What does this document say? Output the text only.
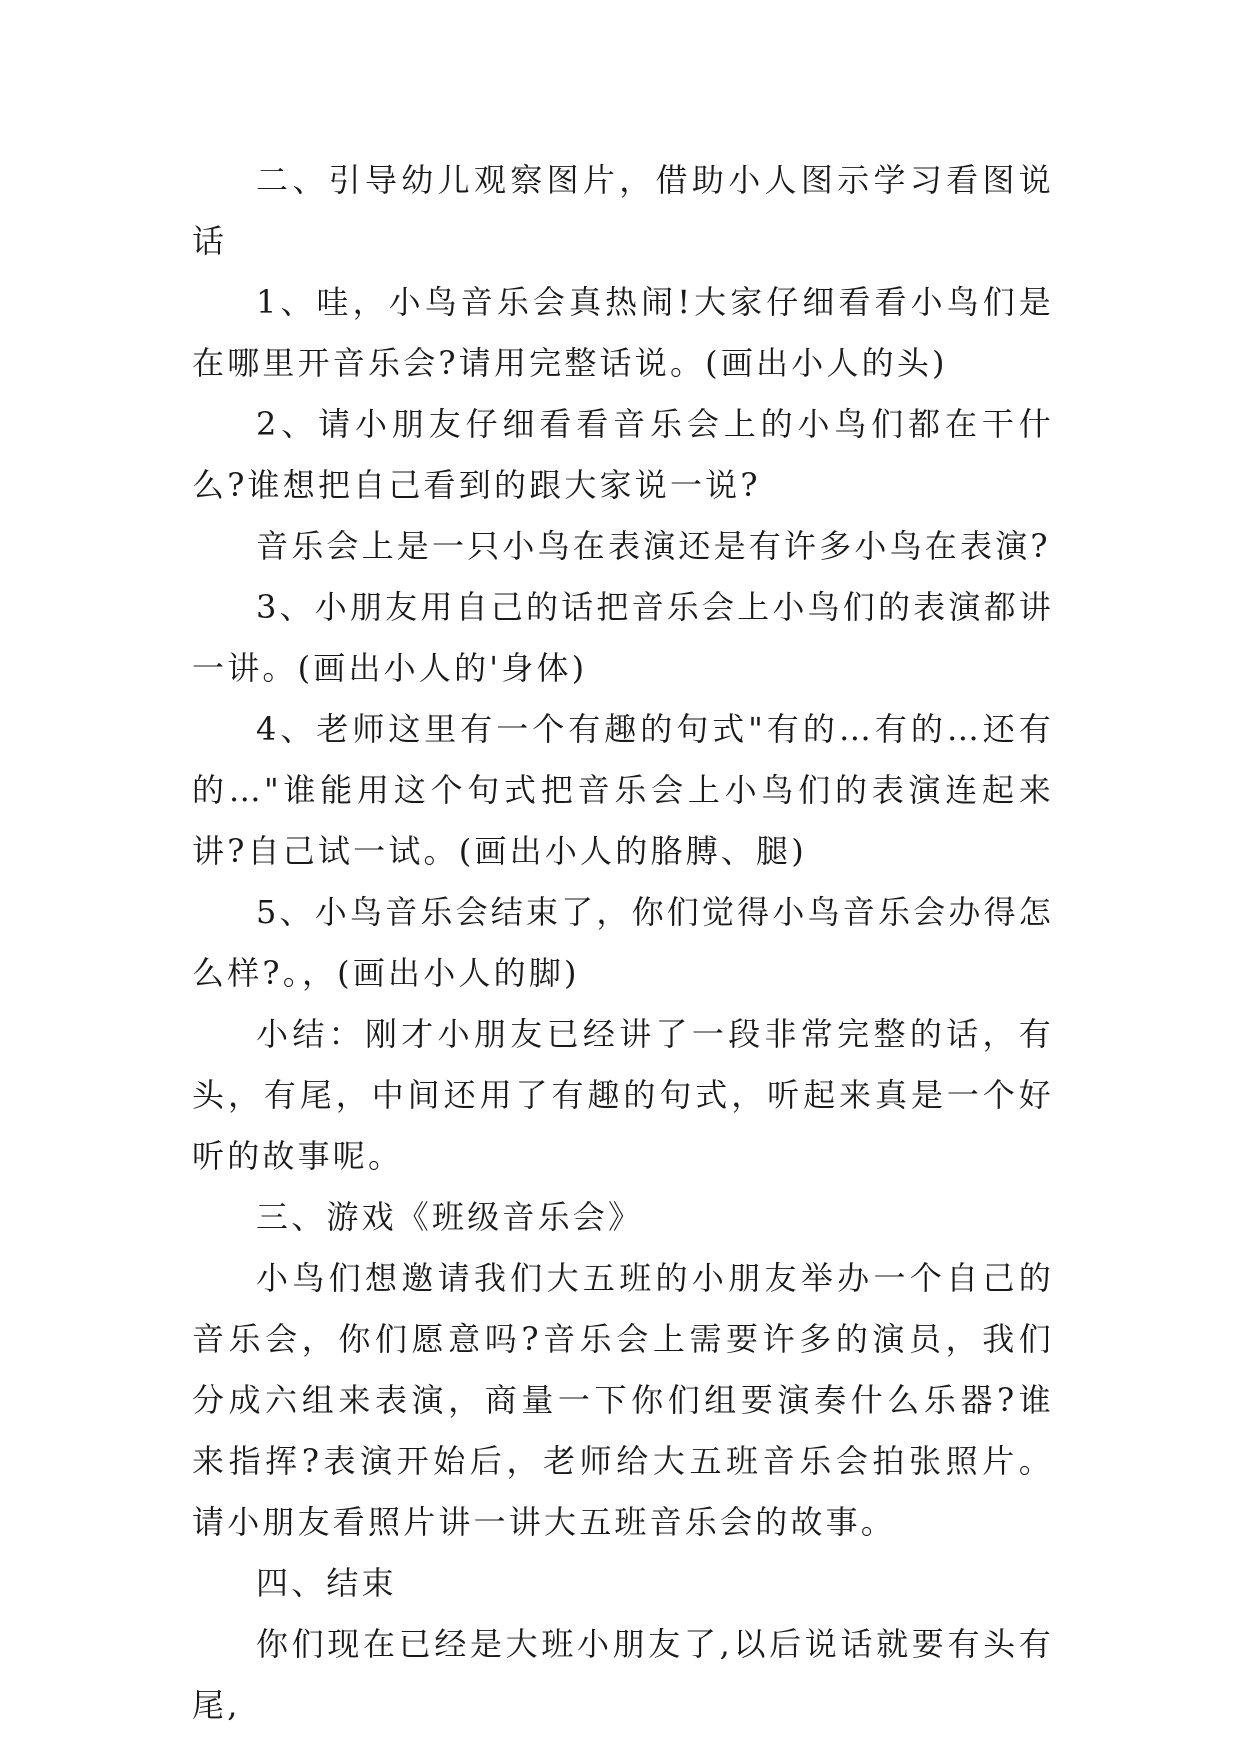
二、引导幼儿观察图片，借助小人图示学习看图说话

1、哇，小鸟音乐会真热闹!大家仔细看看小鸟们是在哪里开音乐会?请用完整话说。(画出小人的头)

2、请小朋友仔细看看音乐会上的小鸟们都在干什么?谁想把自己看到的跟大家说一说?

音乐会上是一只小鸟在表演还是有许多小鸟在表演?

3、小朋友用自己的话把音乐会上小鸟们的表演都讲一讲。(画出小人的'身体)

4、老师这里有一个有趣的句式"有的…有的…还有的…"谁能用这个句式把音乐会上小鸟们的表演连起来讲?自己试一试。(画出小人的胳膊、腿)

5、小鸟音乐会结束了，你们觉得小鸟音乐会办得怎么样?。，(画出小人的脚)

小结：刚才小朋友已经讲了一段非常完整的话，有头，有尾，中间还用了有趣的句式，听起来真是一个好听的故事呢。

三、游戏《班级音乐会》

小鸟们想邀请我们大五班的小朋友举办一个自己的音乐会，你们愿意吗?音乐会上需要许多的演员，我们分成六组来表演，商量一下你们组要演奏什么乐器?谁来指挥?表演开始后，老师给大五班音乐会拍张照片。请小朋友看照片讲一讲大五班音乐会的故事。

四、结束

你们现在已经是大班小朋友了,以后说话就要有头有尾,
